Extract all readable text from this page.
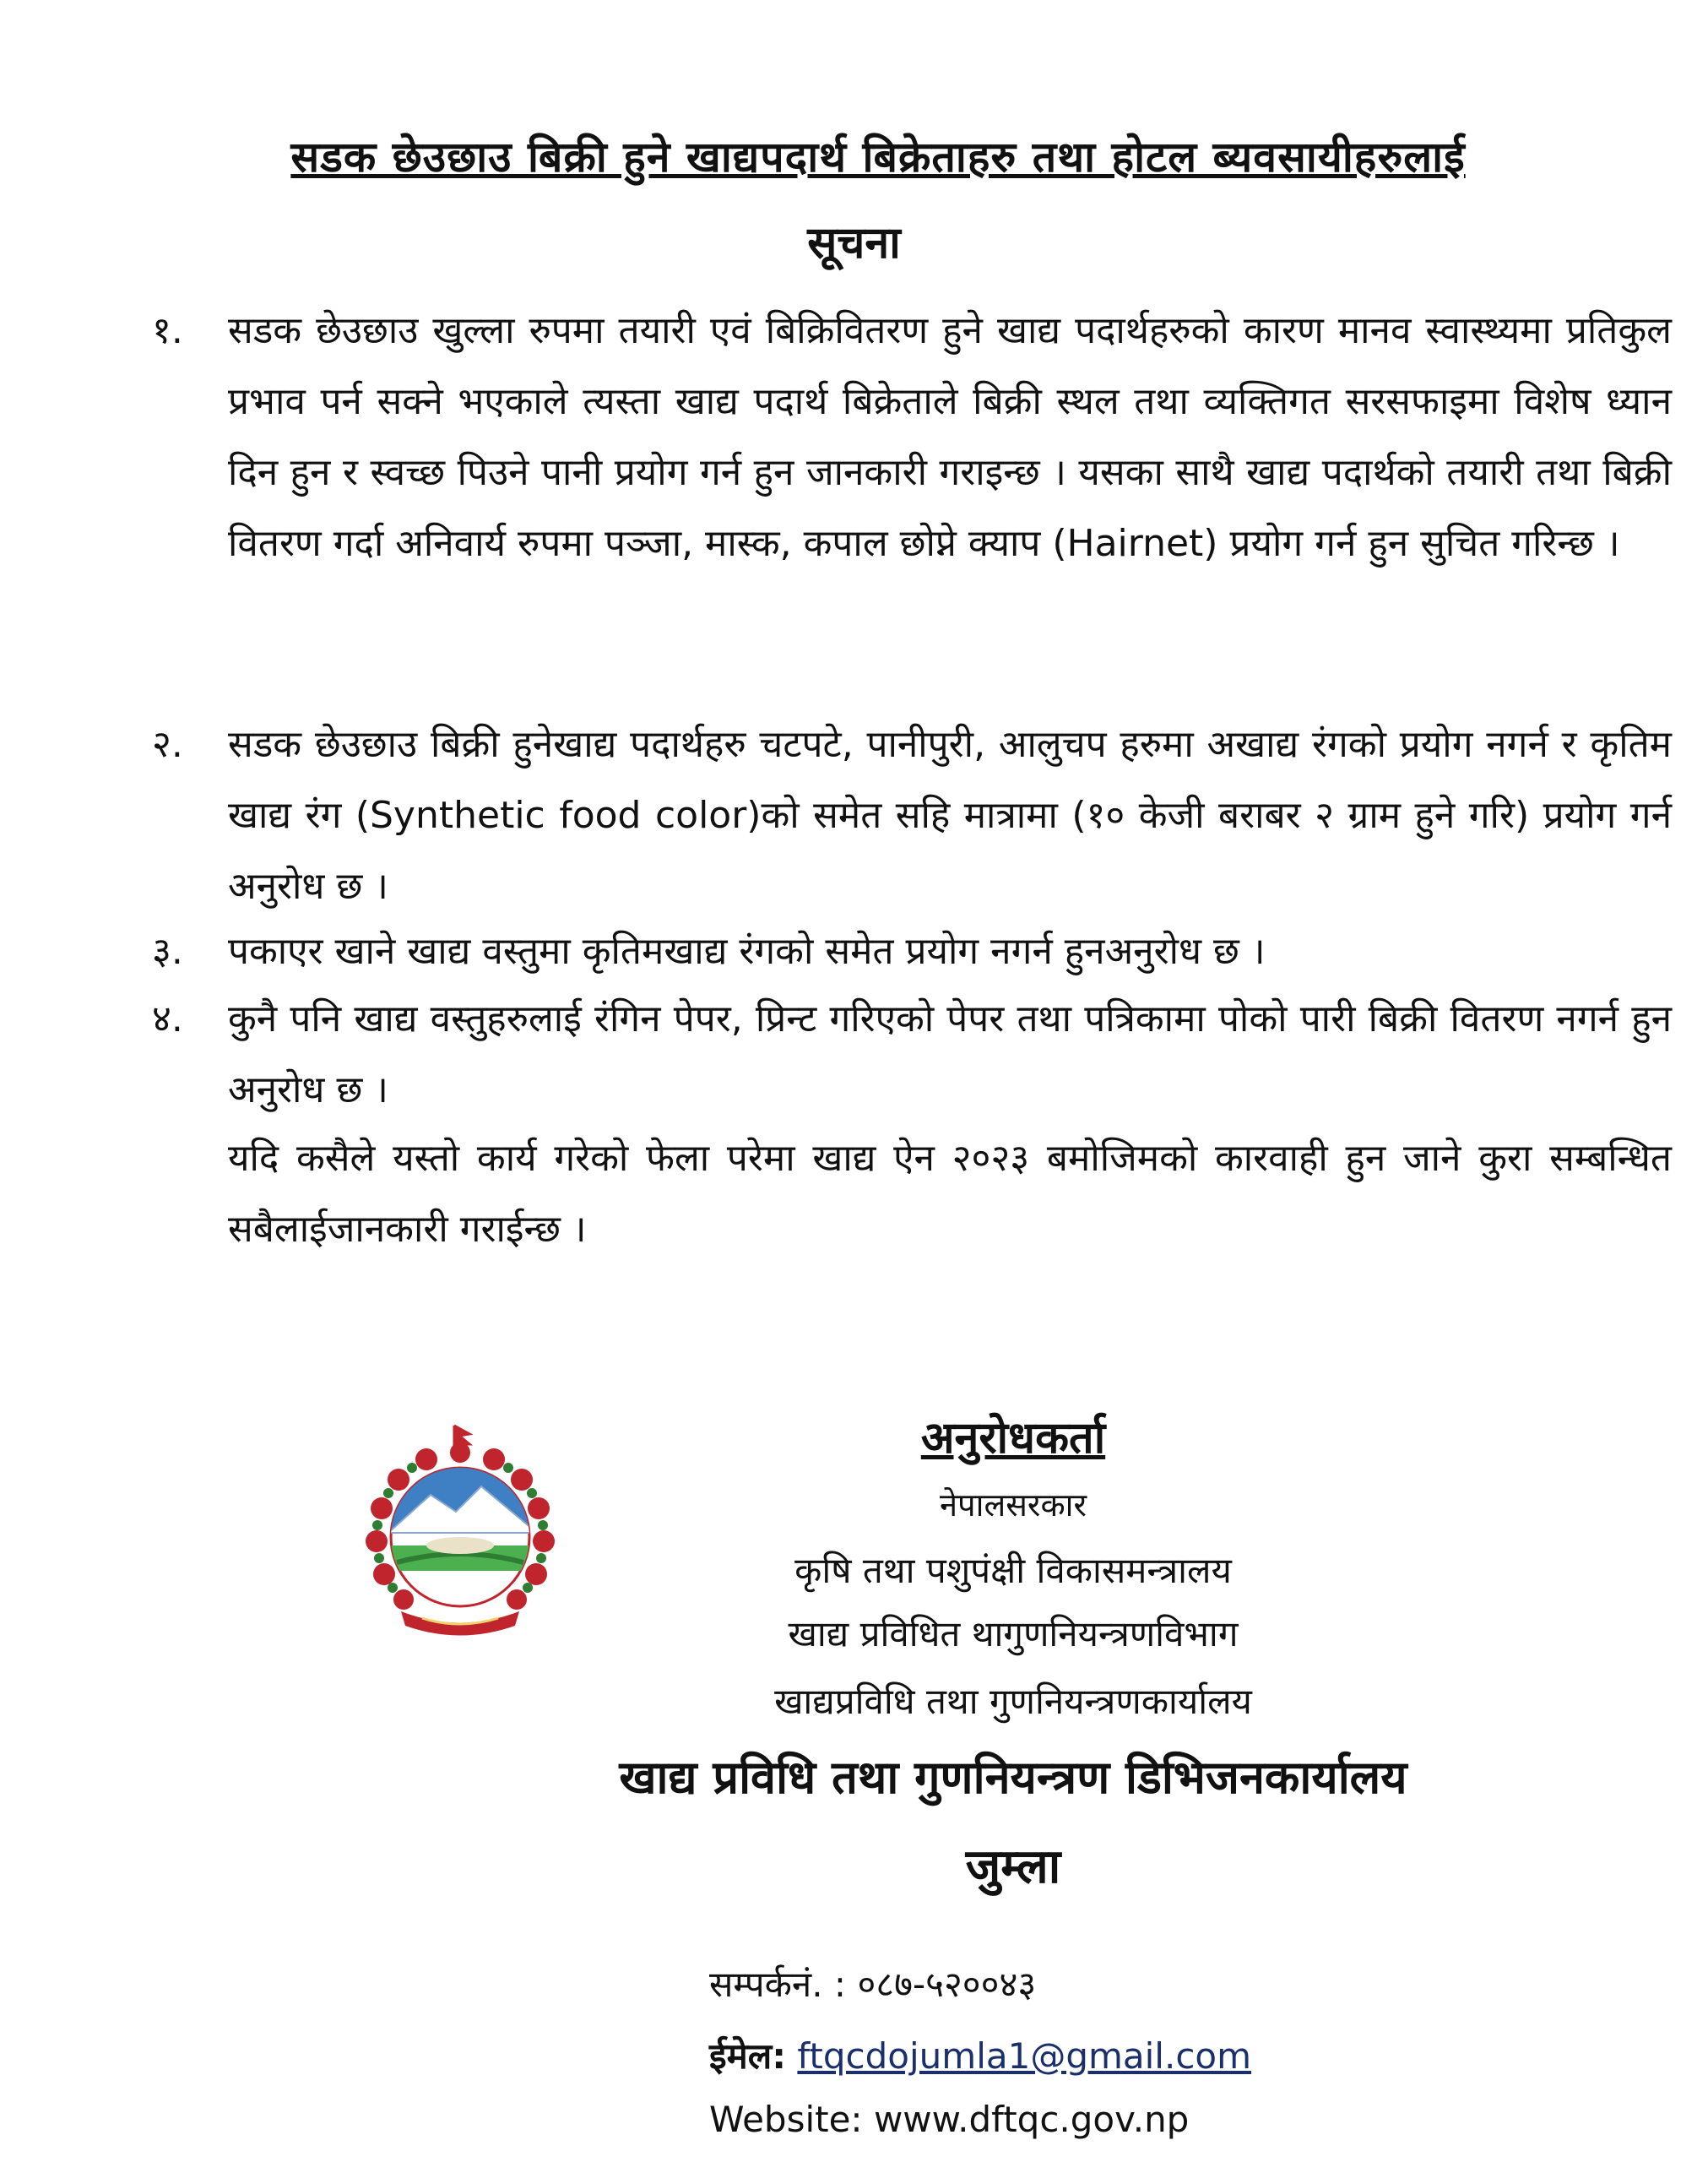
सडक छेउछाउ बिक्री हुने खाद्यपदार्थ बिक्रेताहरु तथा होटल ब्यवसायीहरुलाई
सूचना
१.	सडक छेउछाउ खुल्ला रुपमा तयारी एवं बिक्रिवितरण हुने खाद्य पदार्थहरुको कारण मानव स्वास्थ्यमा प्रतिकुल प्रभाव पर्न सक्ने भएकाले त्यस्ता खाद्य पदार्थ बिक्रेताले बिक्री स्थल तथा व्यक्तिगत सरसफाइमा विशेष ध्यान दिन हुन र स्वच्छ पिउने पानी प्रयोग गर्न हुन जानकारी गराइन्छ । यसका साथै खाद्य पदार्थको तयारी तथा बिक्री वितरण गर्दा अनिवार्य रुपमा पञ्जा, मास्क, कपाल छोप्ने क्याप (Hairnet) प्रयोग गर्न हुन सुचित गरिन्छ ।
२.	सडक छेउछाउ बिक्री हुनेखाद्य पदार्थहरु चटपटे, पानीपुरी, आलुचप हरुमा अखाद्य रंगको प्रयोग नगर्न र कृतिम खाद्य रंग (Synthetic food color)को समेत सहि मात्रामा (१० केजी बराबर २ ग्राम हुने गरि) प्रयोग गर्न अनुरोध छ ।
३.	पकाएर खाने खाद्य वस्तुमा कृतिमखाद्य रंगको समेत प्रयोग नगर्न हुनअनुरोध छ ।
४.	कुनै पनि खाद्य वस्तुहरुलाई रंगिन पेपर, प्रिन्ट गरिएको पेपर तथा पत्रिकामा पोको पारी बिक्री वितरण नगर्न हुन अनुरोध छ ।
यदि कसैले यस्तो कार्य गरेको फेला परेमा खाद्य ऐन २०२३ बमोजिमको कारवाही हुन जाने कुरा सम्बन्धित सबैलाईजानकारी गराईन्छ ।
अनुरोधकर्ता
नेपालसरकार
कृषि तथा पशुपंक्षी विकासमन्त्रालय
खाद्य प्रविधित थागुणनियन्त्रणविभाग
खाद्यप्रविधि तथा गुणनियन्त्रणकार्यालय
खाद्य प्रविधि तथा गुणनियन्त्रण डिभिजनकार्यालय
जुम्ला
सम्पर्कनं. : ०८७-५२००४३
ईमेल: ftqcdojumla1@gmail.com
Website: www.dftqc.gov.np
